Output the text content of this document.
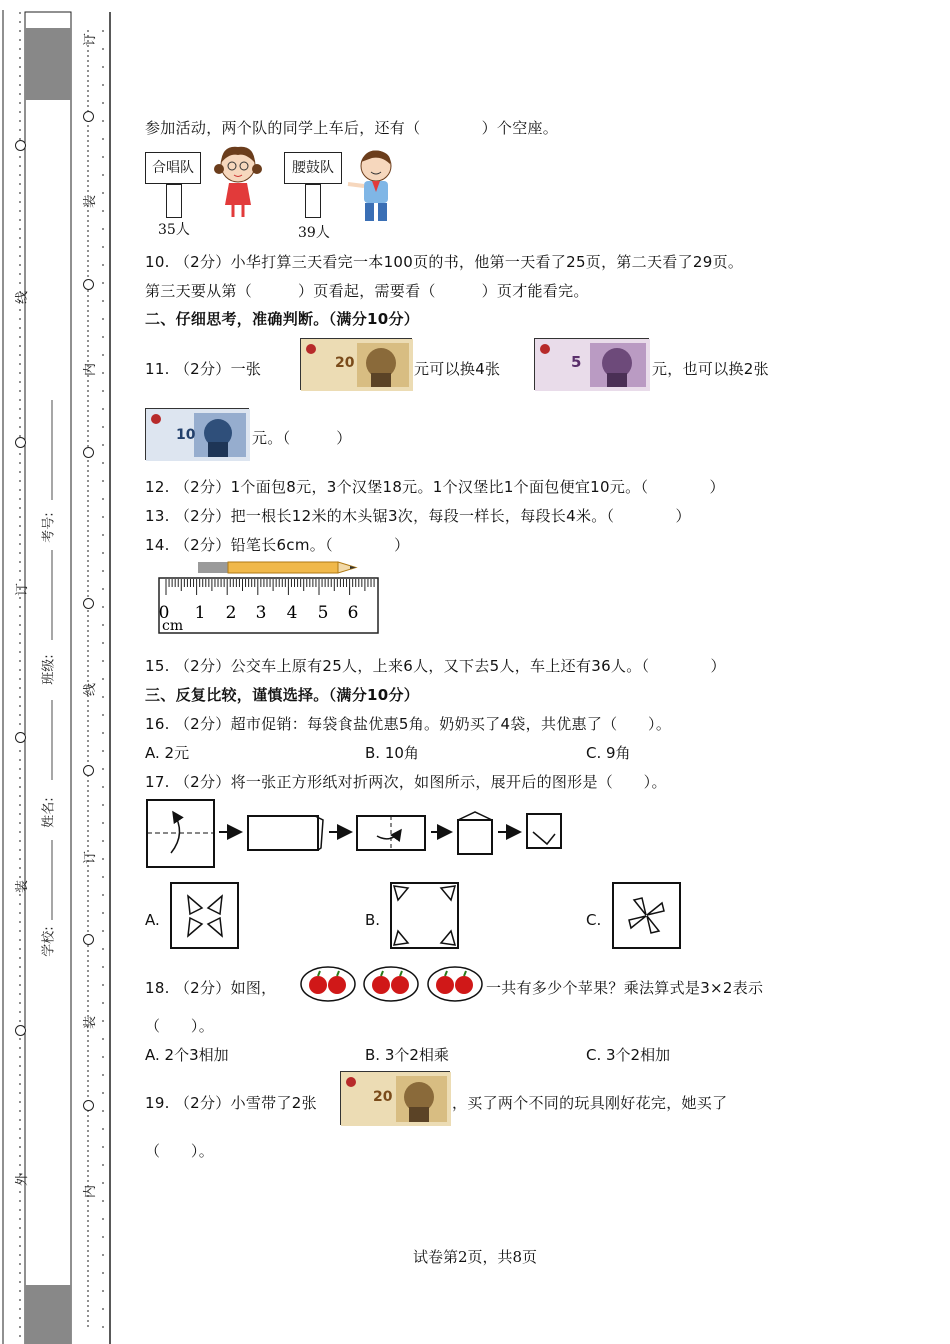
订
装
内
线
订
装
内
线
订
装
外
考号:
班级:
姓名:
学校:
参加活动，两个队的同学上车后，还有（　　　　）个空座。
合唱队
35人
腰鼓队
39人
10. （2分）小华打算三天看完一本100页的书，他第一天看了25页，第二天看了29页。
第三天要从第（　　　）页看起，需要看（　　　）页才能看完。
二、仔细思考，准确判断。（满分10分）
11. （2分）一张	20	元可以换4张	5	元，也可以换2张
10	元。（　　　）
12. （2分）1个面包8元，3个汉堡18元。1个汉堡比1个面包便宜10元。（　　　　）
13. （2分）把一根长12米的木头锯3次，每段一样长，每段长4米。（　　　　）
14. （2分）铅笔长6cm。（　　　　）
cm
0 1 2 3 4 5 6
15. （2分）公交车上原有25人，上来6人，又下去5人，车上还有36人。（　　　　）
三、反复比较，谨慎选择。（满分10分）
16. （2分）超市促销：每袋食盐优惠5角。奶奶买了4袋，共优惠了（　　）。
A. 2元	B. 10角	C. 9角
17. （2分）将一张正方形纸对折两次，如图所示，展开后的图形是（　　）。
A.	B.	C.
18. （2分）如图，	一共有多少个苹果？乘法算式是3×2表示
（　　）。
A. 2个3相加	B. 3个2相乘	C. 3个2相加
19. （2分）小雪带了2张	20	，买了两个不同的玩具刚好花完，她买了
（　　）。
试卷第2页，共8页
